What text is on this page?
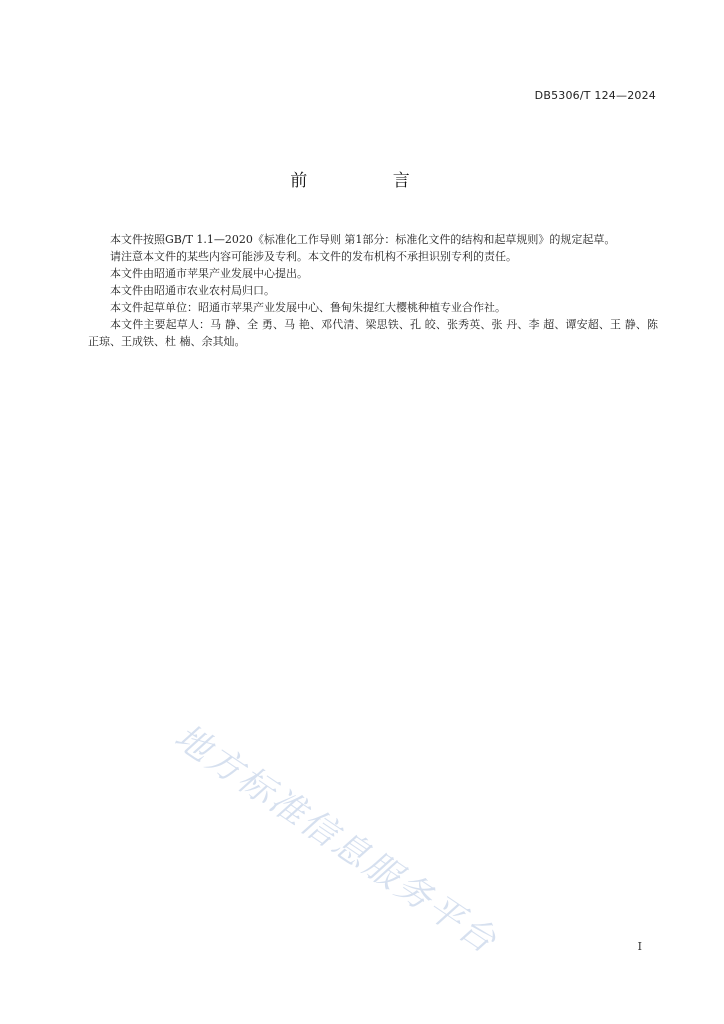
DB5306/T 124—2024
前 言

本文件按照GB/T 1.1—2020《标准化工作导则 第1部分：标准化文件的结构和起草规则》的规定起草。

请注意本文件的某些内容可能涉及专利。本文件的发布机构不承担识别专利的责任。

本文件由昭通市苹果产业发展中心提出。

本文件由昭通市农业农村局归口。

本文件起草单位：昭通市苹果产业发展中心、鲁甸朱提红大樱桃种植专业合作社。

本文件主要起草人：马 静、全 勇、马 艳、邓代清、梁思铁、孔 皎、张秀英、张 丹、李 超、谭安超、王 静、陈正琼、王成铁、杜 楠、余其灿。

地方标准信息服务平台	I
